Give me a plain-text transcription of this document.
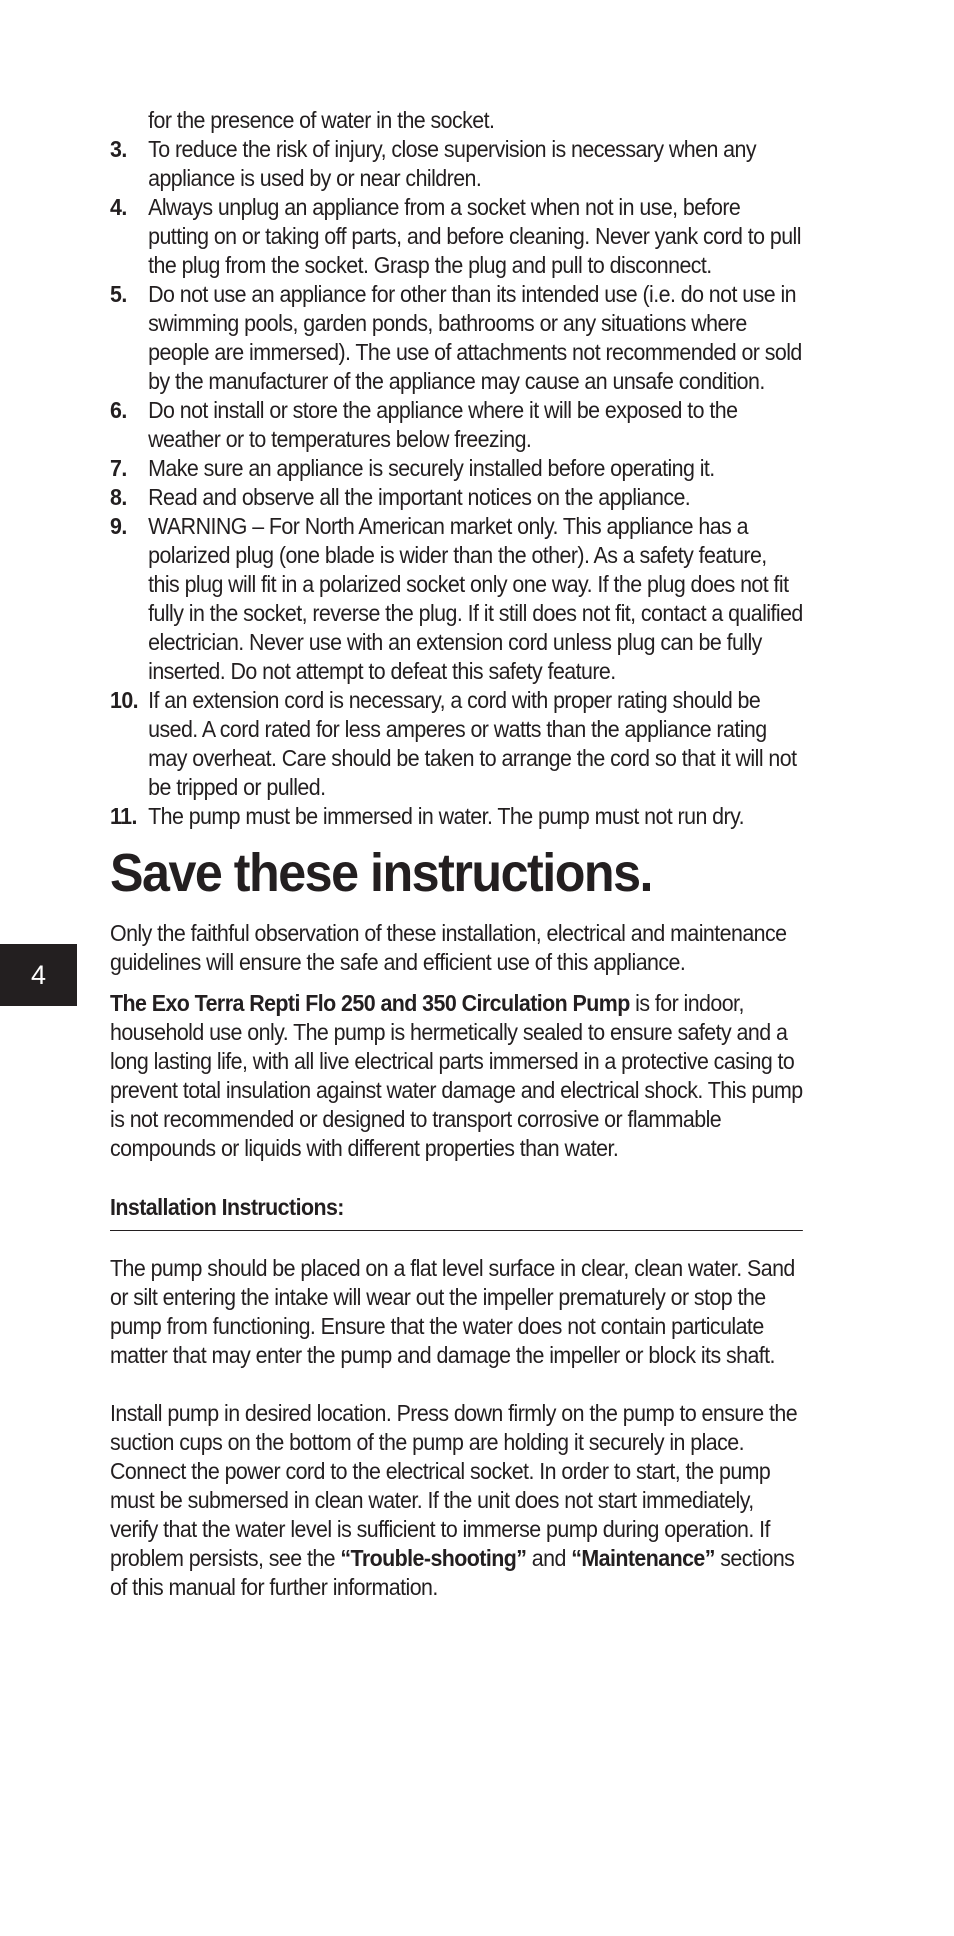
4

for the presence of water in the socket.

3. To reduce the risk of injury, close supervision is necessary when any appliance is used by or near children.
4. Always unplug an appliance from a socket when not in use, before putting on or taking off parts, and before cleaning. Never yank cord to pull the plug from the socket. Grasp the plug and pull to disconnect.
5. Do not use an appliance for other than its intended use (i.e. do not use in swimming pools, garden ponds, bathrooms or any situations where people are immersed). The use of attachments not recommended or sold by the manufacturer of the appliance may cause an unsafe condition.
6. Do not install or store the appliance where it will be exposed to the weather or to temperatures below freezing.
7. Make sure an appliance is securely installed before operating it.
8. Read and observe all the important notices on the appliance.
9. WARNING – For North American market only. This appliance has a polarized plug (one blade is wider than the other). As a safety feature, this plug will fit in a polarized socket only one way. If the plug does not fit fully in the socket, reverse the plug. If it still does not fit, contact a qualified electrician. Never use with an extension cord unless plug can be fully inserted. Do not attempt to defeat this safety feature.
10. If an extension cord is necessary, a cord with proper rating should be used. A cord rated for less amperes or watts than the appliance rating may overheat. Care should be taken to arrange the cord so that it will not be tripped or pulled.
11. The pump must be immersed in water. The pump must not run dry.
Save these instructions.

Only the faithful observation of these installation, electrical and maintenance guidelines will ensure the safe and efficient use of this appliance.

The Exo Terra Repti Flo 250 and 350 Circulation Pump is for indoor, household use only. The pump is hermetically sealed to ensure safety and a long lasting life, with all live electrical parts immersed in a protective casing to prevent total insulation against water damage and electrical shock. This pump is not recommended or designed to transport corrosive or flammable compounds or liquids with different properties than water.

Installation Instructions:

The pump should be placed on a flat level surface in clear, clean water. Sand or silt entering the intake will wear out the impeller prematurely or stop the pump from functioning. Ensure that the water does not contain particulate matter that may enter the pump and damage the impeller or block its shaft.

Install pump in desired location. Press down firmly on the pump to ensure the suction cups on the bottom of the pump are holding it securely in place. Connect the power cord to the electrical socket. In order to start, the pump must be submersed in clean water. If the unit does not start immediately, verify that the water level is sufficient to immerse pump during operation. If problem persists, see the “Trouble-shooting” and “Maintenance” sections of this manual for further information.
